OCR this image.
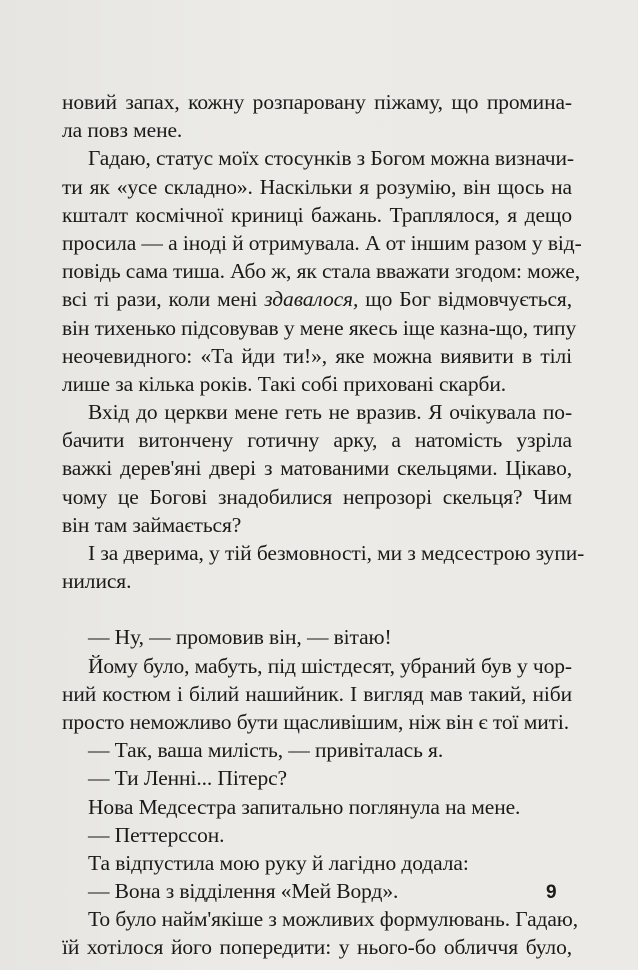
новий запах, кожну розпаровану піжаму, що промина-
ла повз мене.
Гадаю, статус моїх стосунків з Богом можна визначи-
ти як «усе складно». Наскільки я розумію, він щось на
кшталт космічної криниці бажань. Траплялося, я дещо
просила — а іноді й отримувала. А от іншим разом у від-
повідь сама тиша. Або ж, як стала вважати згодом: може,
всі ті рази, коли мені здавалося, що Бог відмовчується,
він тихенько підсовував у мене якесь іще казна-що, типу
неочевидного: «Та йди ти!», яке можна виявити в тілі
лише за кілька років. Такі собі приховані скарби.
Вхід до церкви мене геть не вразив. Я очікувала по-
бачити витончену готичну арку, а натомість узріла
важкі дерев'яні двері з матованими скельцями. Цікаво,
чому це Богові знадобилися непрозорі скельця? Чим
він там займається?
І за дверима, у тій безмовності, ми з медсестрою зупи-
нилися.
— Ну, — промовив він, — вітаю!
Йому було, мабуть, під шістдесят, убраний був у чор-
ний костюм і білий нашийник. І вигляд мав такий, ніби
просто неможливо бути щасливішим, ніж він є тої миті.
— Так, ваша милість, — привіталась я.
— Ти Ленні... Пітерс?
Нова Медсестра запитально поглянула на мене.
— Петтерссон.
Та відпустила мою руку й лагідно додала:
— Вона з відділення «Мей Ворд».
То було найм'якіше з можливих формулювань. Гадаю,
їй хотілося його попередити: у нього-бо обличчя було,
9
